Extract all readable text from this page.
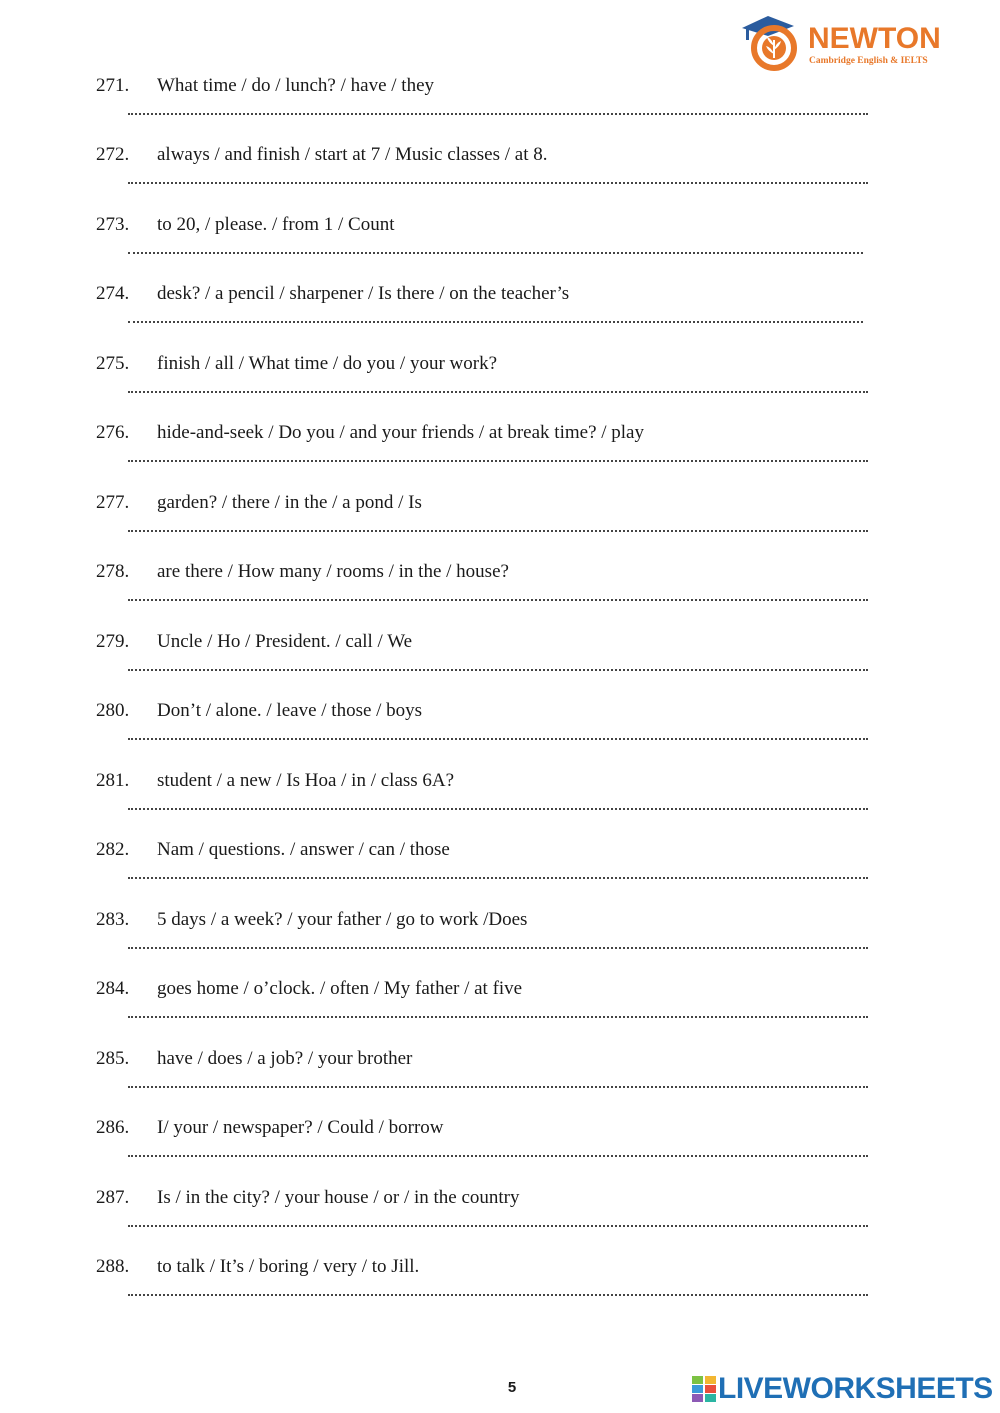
NEWTON
Cambridge English & IELTS
271. What time / do / lunch? / have / they
272. always / and finish / start at 7 / Music classes / at 8.
273. to 20, / please. / from 1 / Count
274. desk? / a pencil / sharpener / Is there / on the teacher’s
275. finish / all / What time / do you / your work?
276. hide-and-seek / Do you / and your friends / at break time? / play
277. garden? / there / in the / a pond / Is
278. are there / How many / rooms / in the / house?
279. Uncle / Ho / President. / call / We
280. Don’t / alone. / leave / those / boys
281. student / a new / Is Hoa / in / class 6A?
282. Nam / questions. / answer / can / those
283. 5 days / a week? / your father / go to work /Does
284. goes home / o’clock. / often / My father / at five
285. have / does / a job? / your brother
286. I/ your / newspaper? / Could / borrow
287. Is / in the city? / your house / or / in the country
288. to talk / It’s / boring / very / to Jill.
5	LIVEWORKSHEETS
